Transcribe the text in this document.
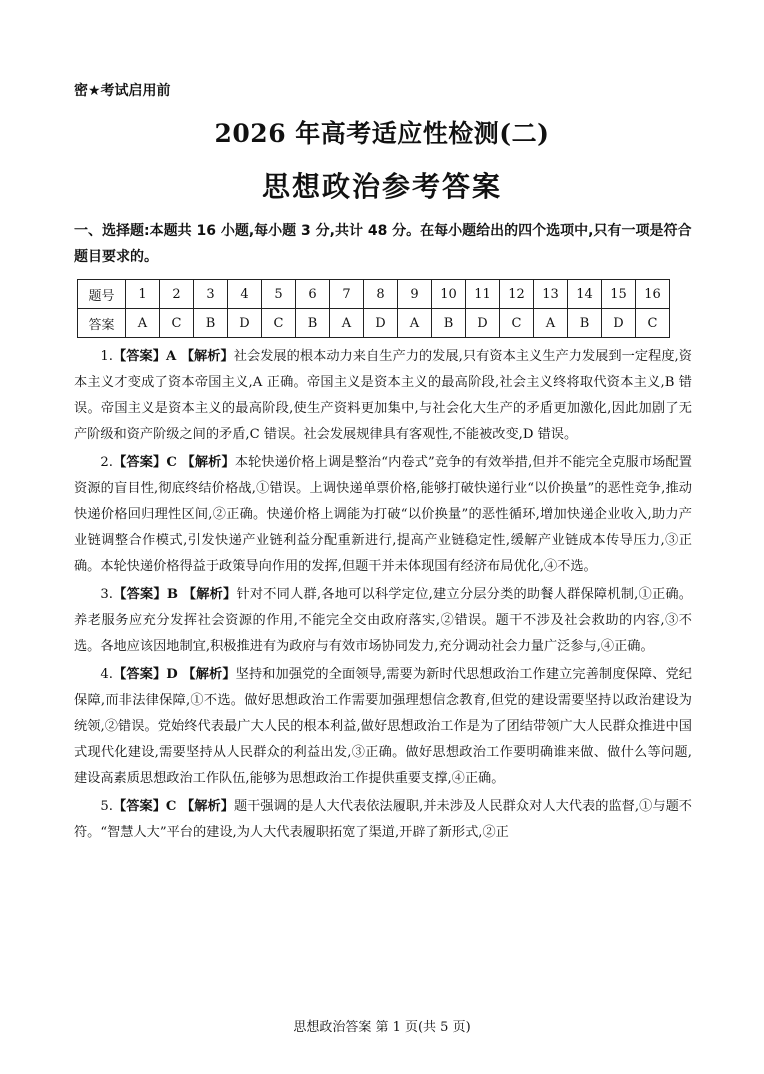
密★考试启用前
2026 年高考适应性检测(二)
思想政治参考答案
一、选择题:本题共 16 小题,每小题 3 分,共计 48 分。在每小题给出的四个选项中,只有一项是符合题目要求的。
题号	1	2	3	4	5	6	7	8	9	10	11	12	13	14	15	16
答案	A	C	B	D	C	B	A	D	A	B	D	C	A	B	D	C

1.【答案】A 【解析】社会发展的根本动力来自生产力的发展,只有资本主义生产力发展到一定程度,资本主义才变成了资本帝国主义,A 正确。帝国主义是资本主义的最高阶段,社会主义终将取代资本主义,B 错误。帝国主义是资本主义的最高阶段,使生产资料更加集中,与社会化大生产的矛盾更加激化,因此加剧了无产阶级和资产阶级之间的矛盾,C 错误。社会发展规律具有客观性,不能被改变,D 错误。

2.【答案】C 【解析】本轮快递价格上调是整治“内卷式”竞争的有效举措,但并不能完全克服市场配置资源的盲目性,彻底终结价格战,①错误。上调快递单票价格,能够打破快递行业“以价换量”的恶性竞争,推动快递价格回归理性区间,②正确。快递价格上调能为打破“以价换量”的恶性循环,增加快递企业收入,助力产业链调整合作模式,引发快递产业链利益分配重新进行,提高产业链稳定性,缓解产业链成本传导压力,③正确。本轮快递价格得益于政策导向作用的发挥,但题干并未体现国有经济布局优化,④不选。

3.【答案】B 【解析】针对不同人群,各地可以科学定位,建立分层分类的助餐人群保障机制,①正确。养老服务应充分发挥社会资源的作用,不能完全交由政府落实,②错误。题干不涉及社会救助的内容,③不选。各地应该因地制宜,积极推进有为政府与有效市场协同发力,充分调动社会力量广泛参与,④正确。

4.【答案】D 【解析】坚持和加强党的全面领导,需要为新时代思想政治工作建立完善制度保障、党纪保障,而非法律保障,①不选。做好思想政治工作需要加强理想信念教育,但党的建设需要坚持以政治建设为统领,②错误。党始终代表最广大人民的根本利益,做好思想政治工作是为了团结带领广大人民群众推进中国式现代化建设,需要坚持从人民群众的利益出发,③正确。做好思想政治工作要明确谁来做、做什么等问题,建设高素质思想政治工作队伍,能够为思想政治工作提供重要支撑,④正确。

5.【答案】C 【解析】题干强调的是人大代表依法履职,并未涉及人民群众对人大代表的监督,①与题不符。“智慧人大”平台的建设,为人大代表履职拓宽了渠道,开辟了新形式,②正

思想政治答案 第 1 页(共 5 页)
